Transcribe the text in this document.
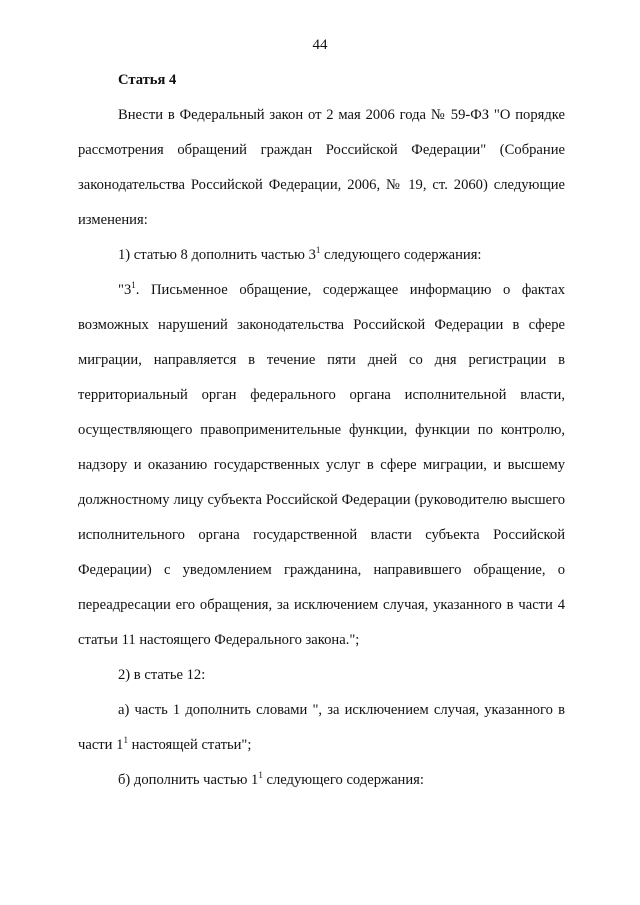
44

Статья 4

Внести в Федеральный закон от 2 мая 2006 года № 59-ФЗ "О порядке рассмотрения обращений граждан Российской Федерации" (Собрание законодательства Российской Федерации, 2006, № 19, ст. 2060) следующие изменения:

1) статью 8 дополнить частью $3^1$ следующего содержания:

"$3^1$. Письменное обращение, содержащее информацию о фактах возможных нарушений законодательства Российской Федерации в сфере миграции, направляется в течение пяти дней со дня регистрации в территориальный орган федерального органа исполнительной власти, осуществляющего правоприменительные функции, функции по контролю, надзору и оказанию государственных услуг в сфере миграции, и высшему должностному лицу субъекта Российской Федерации (руководителю высшего исполнительного органа государственной власти субъекта Российской Федерации) с уведомлением гражданина, направившего обращение, о переадресации его обращения, за исключением случая, указанного в части 4 статьи 11 настоящего Федерального закона.";

2) в статье 12:

а) часть 1 дополнить словами ", за исключением случая, указанного в части $1^1$ настоящей статьи";

б) дополнить частью $1^1$ следующего содержания:
